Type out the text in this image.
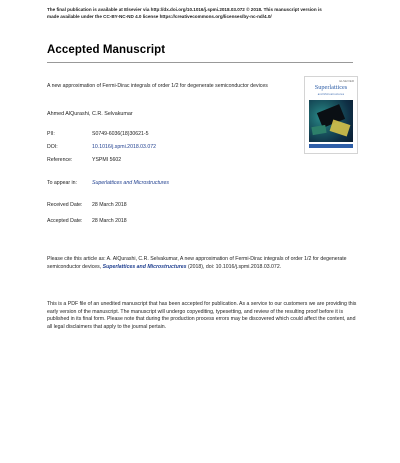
The final publication is available at Elsevier via http://dx.doi.org/10.1016/j.spmi.2018.03.072 © 2018. This manuscript version is
made available under the CC-BY-NC-ND 4.0 license https://creativecommons.org/licenses/by-nc-nd/4.0/
Accepted Manuscript
A new approximation of Fermi-Dirac integrals of order 1/2 for degenerate semiconductor devices
Ahmed AlQurashi, C.R. Selvakumar
PII:	S0749-6036(18)30621-5
DOI:	10.1016/j.spmi.2018.03.072
Reference:	YSPMI 5602
To appear in:	Superlattices and Microstructures
Received Date: 28 March 2018
Accepted Date: 28 March 2018
ELSEVIER
Superlattices
and Microstructures
Please cite this article as: A. AlQurashi, C.R. Selvakumar, A new approximation of Fermi-Dirac integrals of order 1/2 for degenerate semiconductor devices, Superlattices and Microstructures (2018), doi: 10.1016/j.spmi.2018.03.072.
This is a PDF file of an unedited manuscript that has been accepted for publication. As a service to our customers we are providing this early version of the manuscript. The manuscript will undergo copyediting, typesetting, and review of the resulting proof before it is published in its final form. Please note that during the production process errors may be discovered which could affect the content, and all legal disclaimers that apply to the journal pertain.
